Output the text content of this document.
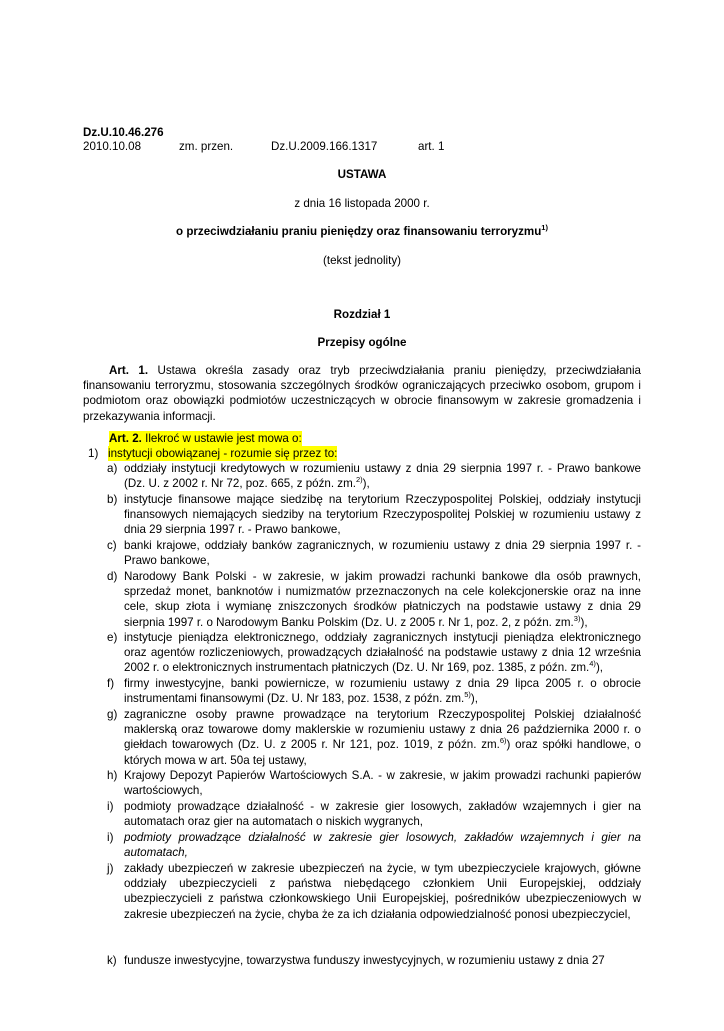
Dz.U.10.46.276
2010.10.08	zm. przen.	Dz.U.2009.166.1317	art. 1
USTAWA
z dnia 16 listopada 2000 r.
o przeciwdziałaniu praniu pieniędzy oraz finansowaniu terroryzmu$^{1)}$
(tekst jednolity)
Rozdział 1
Przepisy ogólne
Art. 1. Ustawa określa zasady oraz tryb przeciwdziałania praniu pieniędzy, przeciwdziałania finansowaniu terroryzmu, stosowania szczególnych środków ograniczających przeciwko osobom, grupom i podmiotom oraz obowiązki podmiotów uczestniczących w obrocie finansowym w zakresie gromadzenia i przekazywania informacji.
Art. 2. Ilekroć w ustawie jest mowa o:
1) instytucji obowiązanej - rozumie się przez to:
a) oddziały instytucji kredytowych w rozumieniu ustawy z dnia 29 sierpnia 1997 r. - Prawo bankowe (Dz. U. z 2002 r. Nr 72, poz. 665, z późn. zm.$^{2)}$),
b) instytucje finansowe mające siedzibę na terytorium Rzeczypospolitej Polskiej, oddziały instytucji finansowych niemających siedziby na terytorium Rzeczypospolitej Polskiej w rozumieniu ustawy z dnia 29 sierpnia 1997 r. - Prawo bankowe,
c) banki krajowe, oddziały banków zagranicznych, w rozumieniu ustawy z dnia 29 sierpnia 1997 r. - Prawo bankowe,
d) Narodowy Bank Polski - w zakresie, w jakim prowadzi rachunki bankowe dla osób prawnych, sprzedaż monet, banknotów i numizmatów przeznaczonych na cele kolekcjonerskie oraz na inne cele, skup złota i wymianę zniszczonych środków płatniczych na podstawie ustawy z dnia 29 sierpnia 1997 r. o Narodowym Banku Polskim (Dz. U. z 2005 r. Nr 1, poz. 2, z późn. zm.$^{3)}$),
e) instytucje pieniądza elektronicznego, oddziały zagranicznych instytucji pieniądza elektronicznego oraz agentów rozliczeniowych, prowadzących działalność na podstawie ustawy z dnia 12 września 2002 r. o elektronicznych instrumentach płatniczych (Dz. U. Nr 169, poz. 1385, z późn. zm.$^{4)}$),
f) firmy inwestycyjne, banki powiernicze, w rozumieniu ustawy z dnia 29 lipca 2005 r. o obrocie instrumentami finansowymi (Dz. U. Nr 183, poz. 1538, z późn. zm.$^{5)}$),
g) zagraniczne osoby prawne prowadzące na terytorium Rzeczypospolitej Polskiej działalność maklerską oraz towarowe domy maklerskie w rozumieniu ustawy z dnia 26 października 2000 r. o giełdach towarowych (Dz. U. z 2005 r. Nr 121, poz. 1019, z późn. zm.$^{6)}$) oraz spółki handlowe, o których mowa w art. 50a tej ustawy,
h) Krajowy Depozyt Papierów Wartościowych S.A. - w zakresie, w jakim prowadzi rachunki papierów wartościowych,
i) podmioty prowadzące działalność - w zakresie gier losowych, zakładów wzajemnych i gier na automatach oraz gier na automatach o niskich wygranych,
i) podmioty prowadzące działalność w zakresie gier losowych, zakładów wzajemnych i gier na automatach,
j) zakłady ubezpieczeń w zakresie ubezpieczeń na życie, w tym ubezpieczyciele krajowych, główne oddziały ubezpieczycieli z państwa niebędącego członkiem Unii Europejskiej, oddziały ubezpieczycieli z państwa członkowskiego Unii Europejskiej, pośredników ubezpieczeniowych w zakresie ubezpieczeń na życie, chyba że za ich działania odpowiedzialność ponosi ubezpieczyciel,
k) fundusze inwestycyjne, towarzystwa funduszy inwestycyjnych, w rozumieniu ustawy z dnia 27
